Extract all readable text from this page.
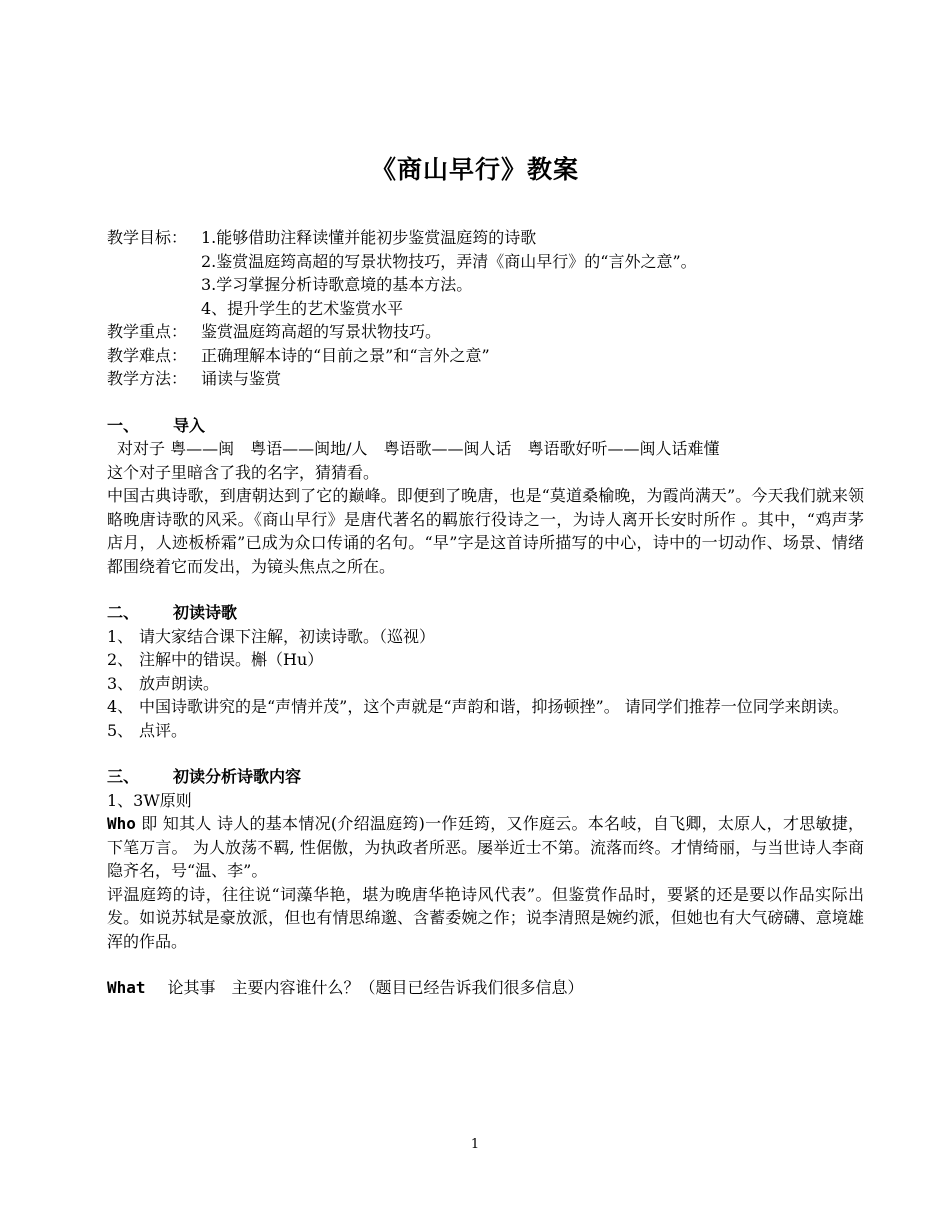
《商山早行》教案
教学目标： 1.能够借助注释读懂并能初步鉴赏温庭筠的诗歌
2.鉴赏温庭筠高超的写景状物技巧，弄清《商山早行》的“言外之意”。
3.学习掌握分析诗歌意境的基本方法。
4、提升学生的艺术鉴赏水平
教学重点： 鉴赏温庭筠高超的写景状物技巧。
教学难点： 正确理解本诗的“目前之景”和“言外之意”
教学方法： 诵读与鉴赏
一、	导入
对对子 粤——闽　粤语——闽地/人　粤语歌——闽人话　粤语歌好听——闽人话难懂
这个对子里暗含了我的名字，猜猜看。
中国古典诗歌，到唐朝达到了它的巅峰。即便到了晚唐，也是“莫道桑榆晚，为霞尚满天”。今天我们就来领略晚唐诗歌的风采。《商山早行》是唐代著名的羁旅行役诗之一，为诗人离开长安时所作 。其中，“鸡声茅店月，人迹板桥霜”已成为众口传诵的名句。“早”字是这首诗所描写的中心，诗中的一切动作、场景、情绪都围绕着它而发出，为镜头焦点之所在。
二、	初读诗歌
1、 请大家结合课下注解，初读诗歌。（巡视）
2、 注解中的错误。槲（Hu）
3、 放声朗读。
4、 中国诗歌讲究的是“声情并茂”，这个声就是“声韵和谐，抑扬顿挫”。 请同学们推荐一位同学来朗读。
5、 点评。
三、	初读分析诗歌内容
1、3W原则
Who 即 知其人 诗人的基本情况(介绍温庭筠)一作廷筠，又作庭云。本名岐，自飞卿，太原人，才思敏捷，下笔万言。 为人放荡不羁, 性倨傲，为执政者所恶。屡举近士不第。流落而终。才情绮丽，与当世诗人李商隐齐名，号“温、李”。
评温庭筠的诗，往往说“词藻华艳，堪为晚唐华艳诗风代表”。但鉴赏作品时，要紧的还是要以作品实际出发。如说苏轼是豪放派，但也有情思绵邈、含蓄委婉之作；说李清照是婉约派，但她也有大气磅礴、意境雄浑的作品。
What 论其事　主要内容谁什么？（题目已经告诉我们很多信息）
1
